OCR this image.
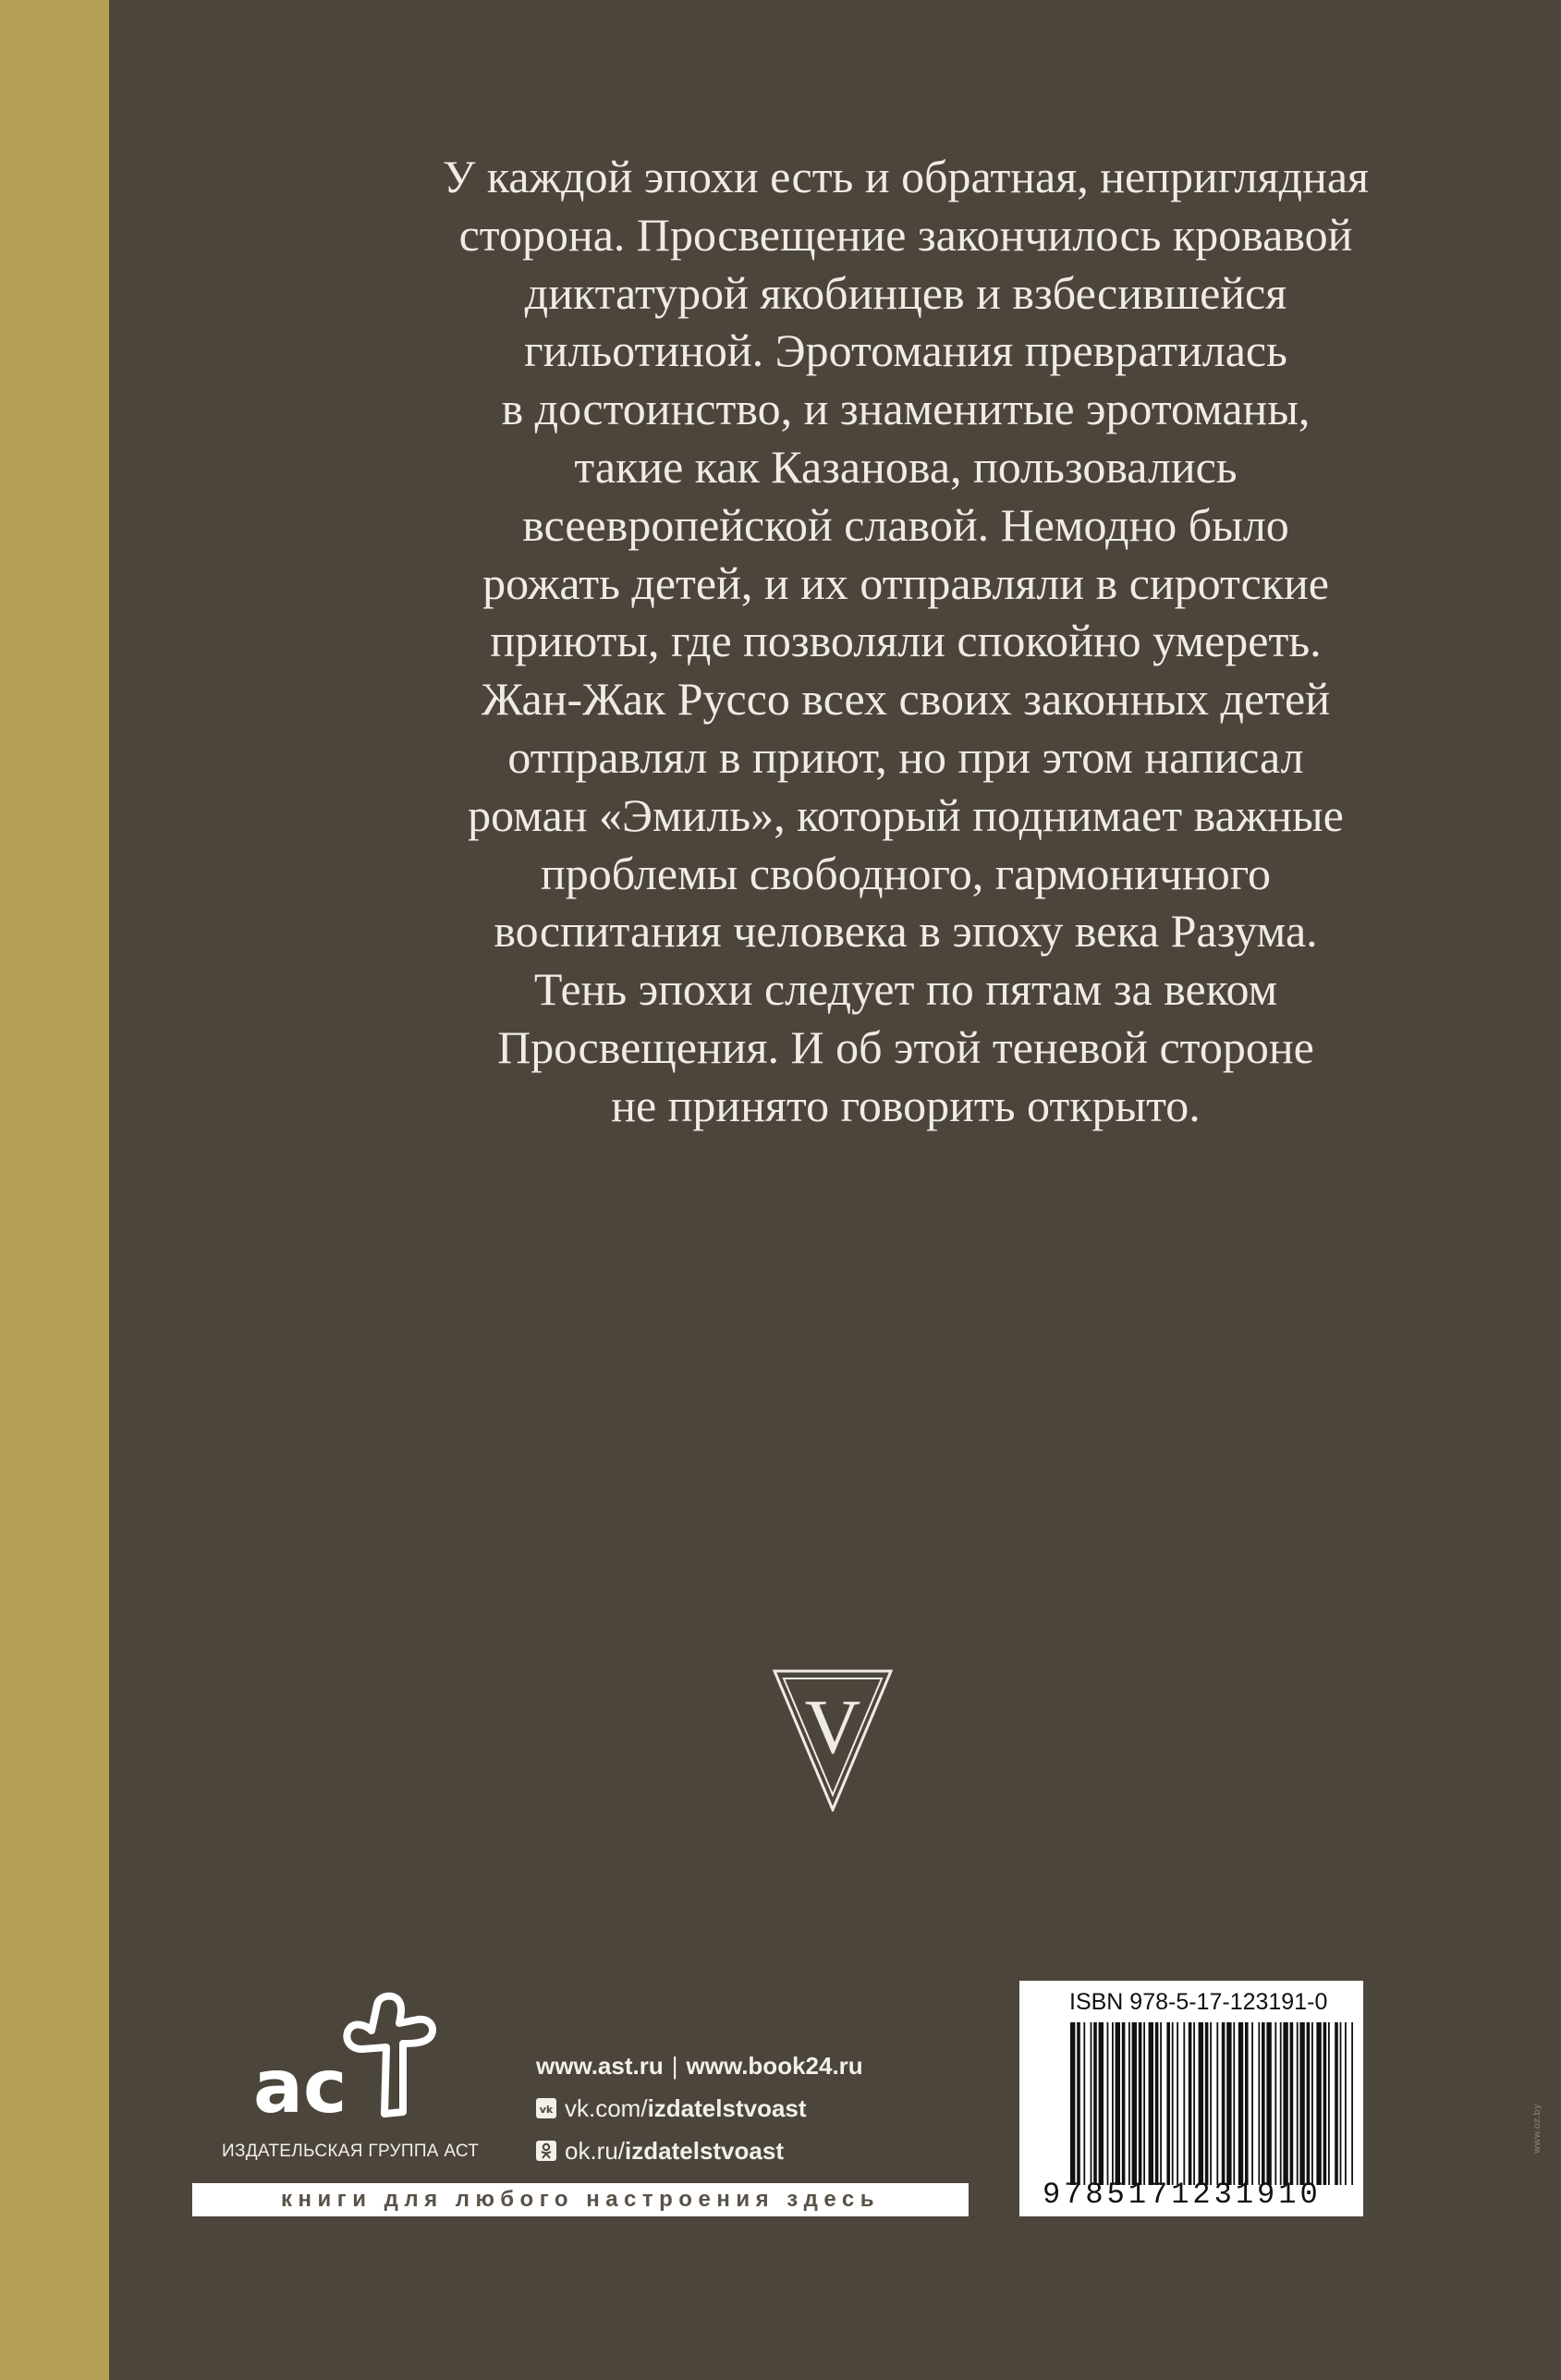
У каждой эпохи есть и обратная, неприглядная
сторона. Просвещение закончилось кровавой
диктатурой якобинцев и взбесившейся
гильотиной. Эротомания превратилась
в достоинство, и знаменитые эротоманы,
такие как Казанова, пользовались
всеевропейской славой. Немодно было
рожать детей, и их отправляли в сиротские
приюты, где позволяли спокойно умереть.
Жан-Жак Руссо всех своих законных детей
отправлял в приют, но при этом написал
роман «Эмиль», который поднимает важные
проблемы свободного, гармоничного
воспитания человека в эпоху века Разума.
Тень эпохи следует по пятам за веком
Просвещения. И об этой теневой стороне
не принято говорить открыто.
V
www.oz.by
ac
ИЗДАТЕЛЬСКАЯ ГРУППА АСТ
www.ast.ru | www.book24.ru
vk vk.com/ izdatelstvoast
ok.ru/ izdatelstvoast
книги для любого настроения здесь
ISBN 978-5-17-123191-0
9785171231910
